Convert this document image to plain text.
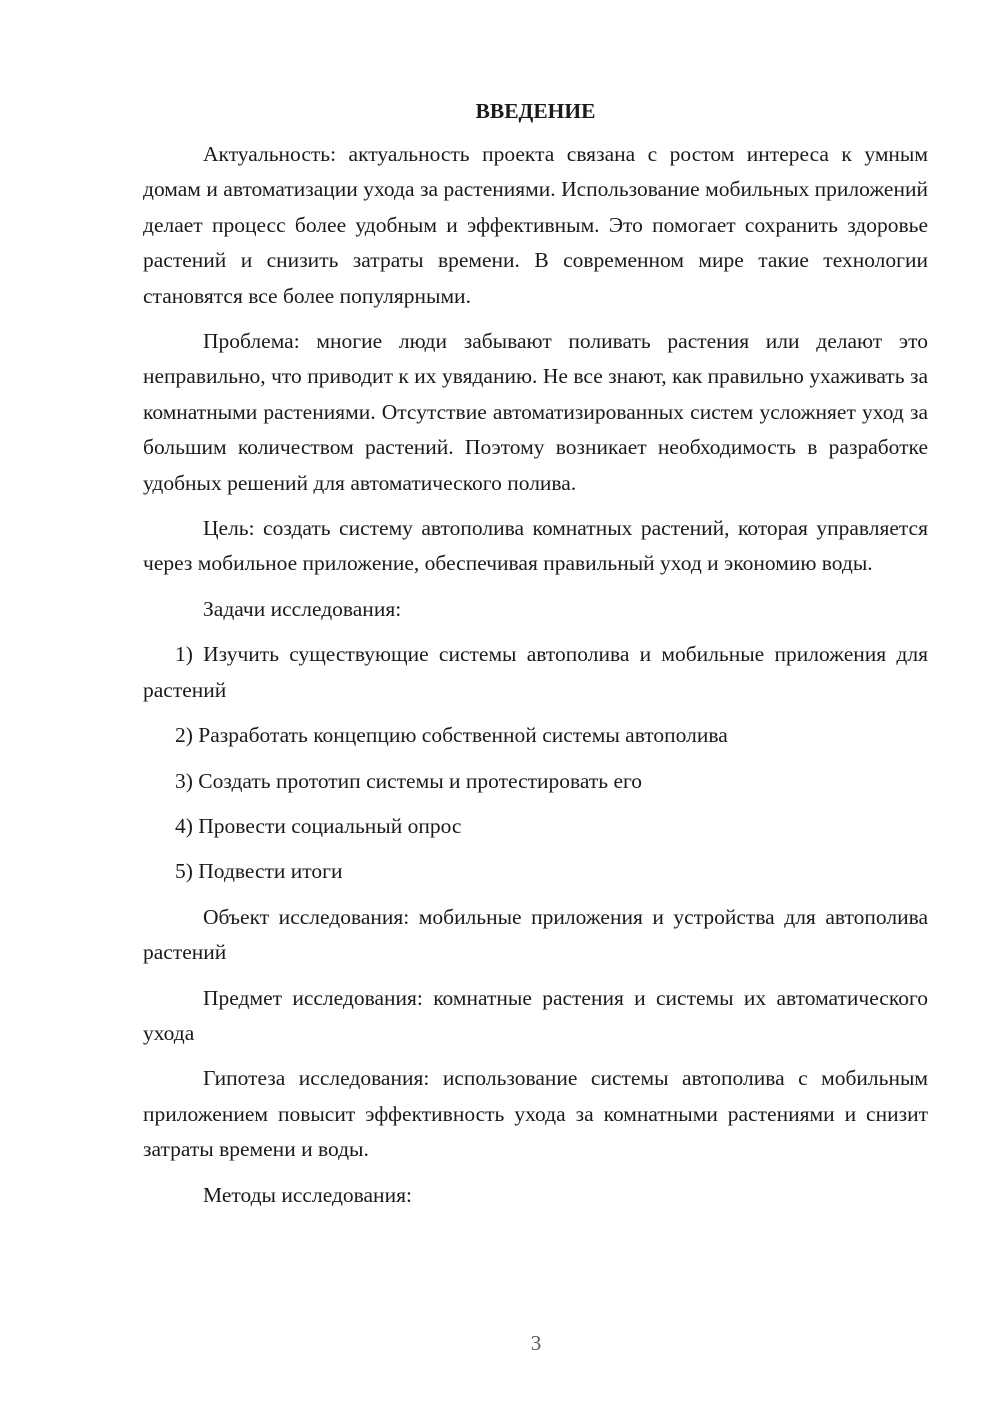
ВВЕДЕНИЕ

Актуальность: актуальность проекта связана с ростом интереса к умным домам и автоматизации ухода за растениями. Использование мобильных приложений делает процесс более удобным и эффективным. Это помогает сохранить здоровье растений и снизить затраты времени. В современном мире такие технологии становятся все более популярными.

Проблема: многие люди забывают поливать растения или делают это неправильно, что приводит к их увяданию. Не все знают, как правильно ухаживать за комнатными растениями. Отсутствие автоматизированных систем усложняет уход за большим количеством растений. Поэтому возникает необходимость в разработке удобных решений для автоматического полива.

Цель: создать систему автополива комнатных растений, которая управляется через мобильное приложение, обеспечивая правильный уход и экономию воды.

Задачи исследования:

1) Изучить существующие системы автополива и мобильные приложения для растений

2) Разработать концепцию собственной системы автополива

3) Создать прототип системы и протестировать его

4) Провести социальный опрос

5) Подвести итоги

Объект исследования: мобильные приложения и устройства для автополива растений

Предмет исследования: комнатные растения и системы их автоматического ухода

Гипотеза исследования: использование системы автополива с мобильным приложением повысит эффективность ухода за комнатными растениями и снизит затраты времени и воды.

Методы исследования:

3
